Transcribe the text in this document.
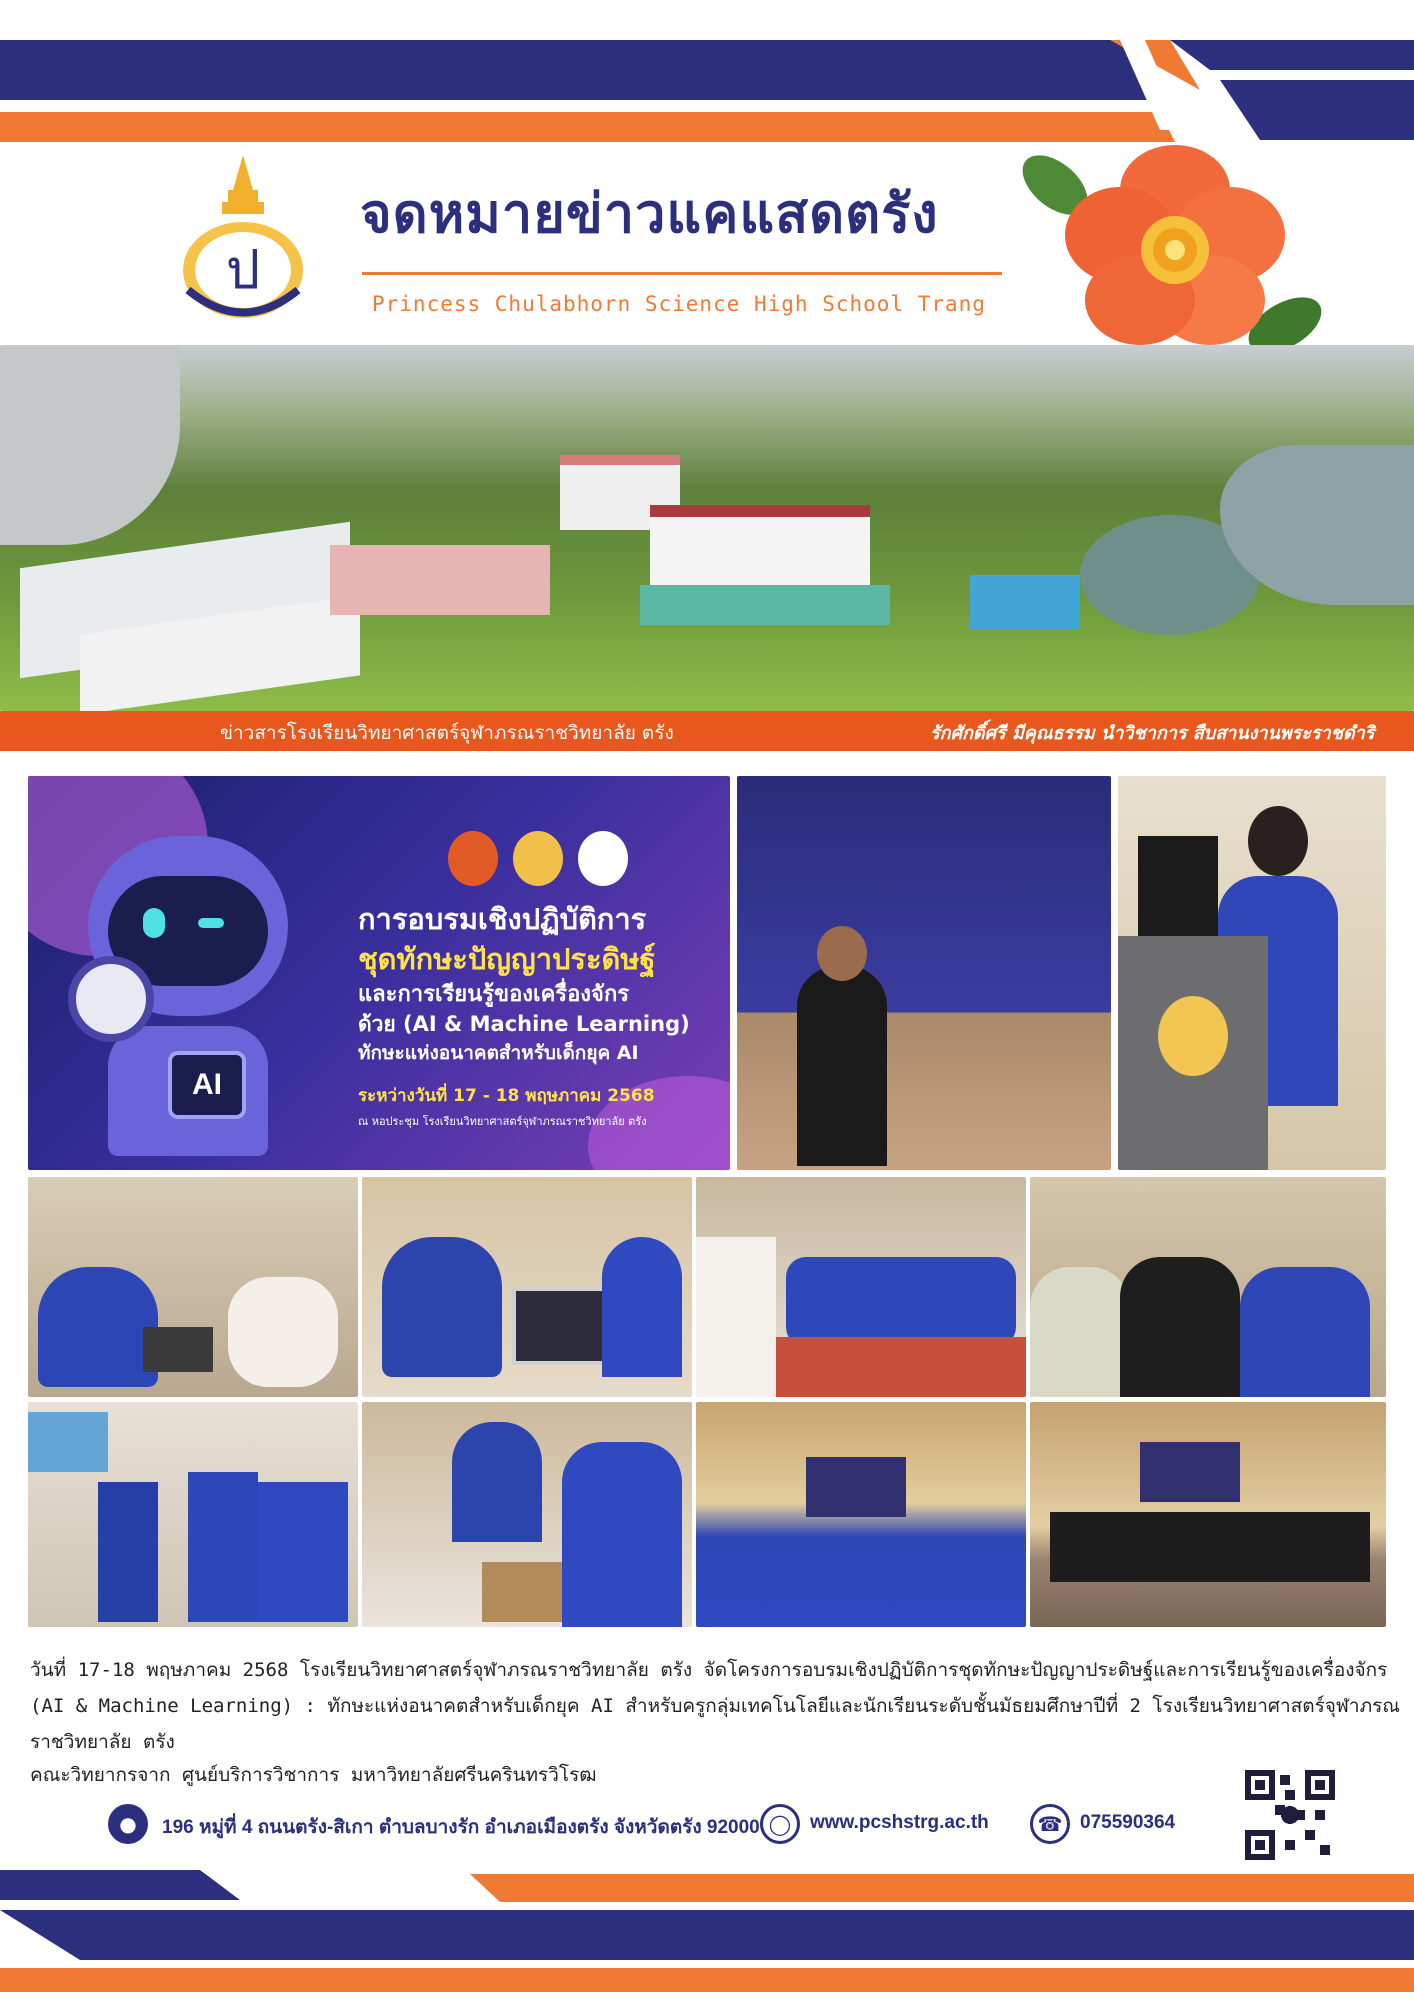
ป
จดหมายข่าวแคแสดตรัง
Princess Chulabhorn Science High School Trang
ข่าวสารโรงเรียนวิทยาศาสตร์จุฬาภรณราชวิทยาลัย ตรัง	รักศักดิ์ศรี มีคุณธรรม นำวิชาการ สืบสานงานพระราชดำริ
AI
การอบรมเชิงปฏิบัติการ
ชุดทักษะปัญญาประดิษฐ์
และการเรียนรู้ของเครื่องจักร
ด้วย (AI & Machine Learning)
ทักษะแห่งอนาคตสำหรับเด็กยุค AI
ระหว่างวันที่ 17 - 18 พฤษภาคม 2568
ณ หอประชุม โรงเรียนวิทยาศาสตร์จุฬาภรณราชวิทยาลัย ตรัง
วันที่ 17-18 พฤษภาคม 2568 โรงเรียนวิทยาศาสตร์จุฬาภรณราชวิทยาลัย ตรัง จัดโครงการอบรมเชิงปฏิบัติการชุดทักษะปัญญาประดิษฐ์และการเรียนรู้ของเครื่องจักร (AI & Machine Learning) : ทักษะแห่งอนาคตสำหรับเด็กยุค AI สำหรับครูกลุ่มเทคโนโลยีและนักเรียนระดับชั้นมัธยมศึกษาปีที่ 2 โรงเรียนวิทยาศาสตร์จุฬาภรณราชวิทยาลัย ตรัง
คณะวิทยากรจาก ศูนย์บริการวิชาการ มหาวิทยาลัยศรีนครินทรวิโรฒ
●	196 หมู่ที่ 4 ถนนตรัง-สิเกา ตำบลบางรัก อำเภอเมืองตรัง จังหวัดตรัง 92000 ◯ www.pcshstrg.ac.th	☎ 075590364
